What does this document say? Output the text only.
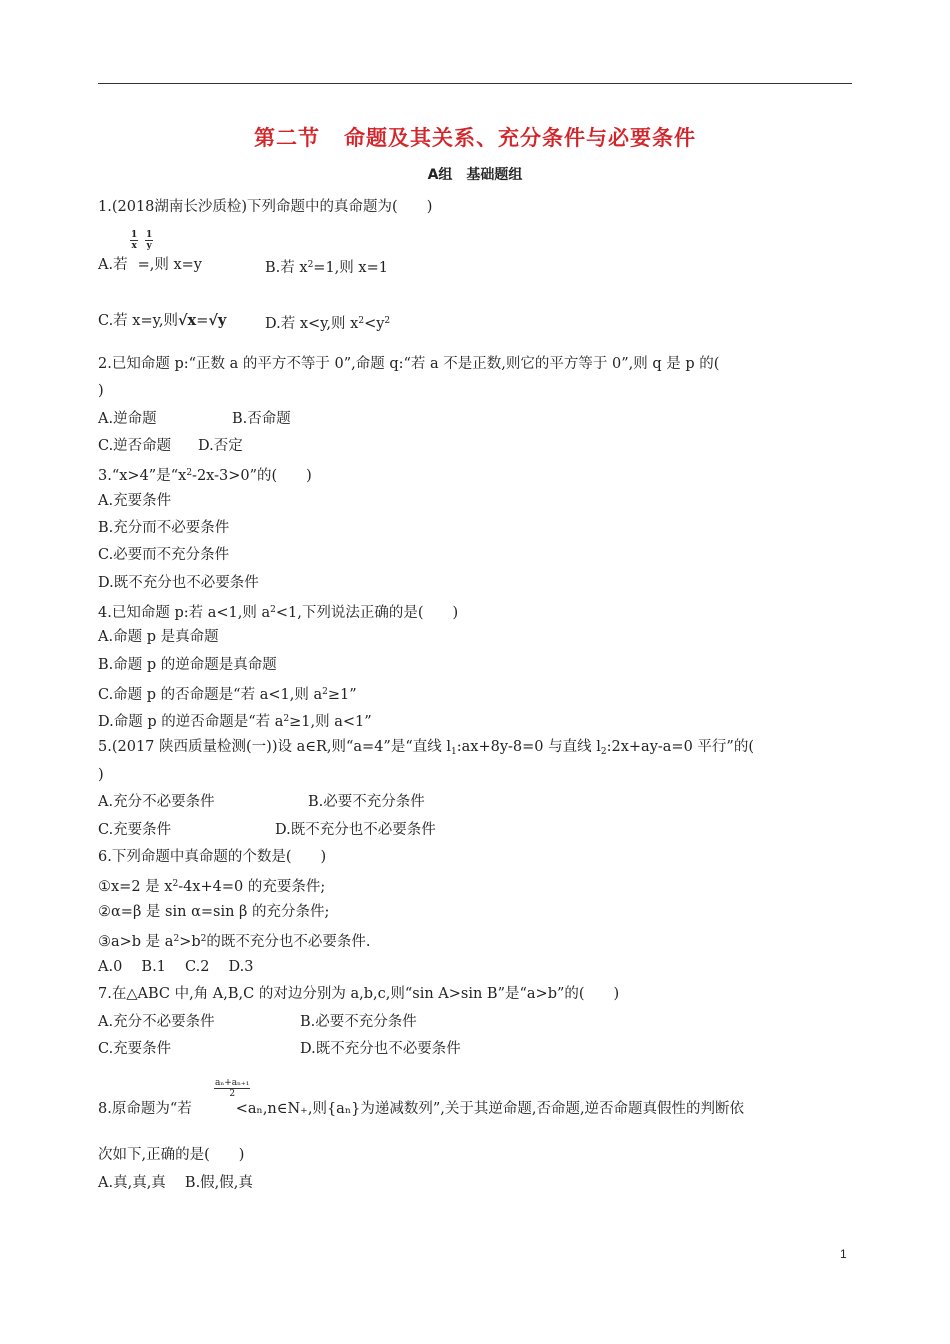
第二节 命题及其关系、充分条件与必要条件
A组 基础题组
1.(2018湖南长沙质检)下列命题中的真命题为(　　)
$\frac{1}{x} \frac{1}{y}$
A.若 =,则 x=y	B.若 $x^2=1$,则 x=1
C.若 x=y,则√x=√y	D.若 x<y,则 $x^2<y^2$
2.已知命题 p:“正数 a 的平方不等于 0”,命题 q:“若 a 不是正数,则它的平方等于 0”,则 q 是 p 的(
)
A.逆命题	B.否命题
C.逆否命题 D.否定
3.“x>4”是“$x^2-2x-3>0$”的(　　)
A.充要条件
B.充分而不必要条件
C.必要而不充分条件
D.既不充分也不必要条件
4.已知命题 p:若 a<1,则 $a^2<1$,下列说法正确的是(　　)
A.命题 p 是真命题
B.命题 p 的逆命题是真命题
C.命题 p 的否命题是“若 a<1,则 $a^2\ge 1$”
D.命题 p 的逆否命题是“若 $a^2\ge 1$,则 a<1”
5.(2017 陕西质量检测(一))设 a∈R,则“a=4”是“直线 $l_1:ax+8y-8=0$ 与直线 $l_2:2x+ay-a=0$ 平行”的(
)
A.充分不必要条件	B.必要不充分条件
C.充要条件	D.既不充分也不必要条件
6.下列命题中真命题的个数是(　　)
①x=2 是 $x^2-4x+4=0$ 的充要条件;
②α=β 是 sin α=sin β 的充分条件;
③a>b 是 $a^2>b^2$的既不充分也不必要条件.
A.0　 B.1　 C.2　 D.3
7.在△ABC 中,角 A,B,C 的对边分别为 a,b,c,则“sin A>sin B”是“a>b”的(　　)
A.充分不必要条件	B.必要不充分条件
C.充要条件	D.既不充分也不必要条件
$\frac{\text{aₙ+aₙ₊₁}}{2}$
8.原命题为“若	<aₙ,n∈N₊,则{aₙ}为递减数列”,关于其逆命题,否命题,逆否命题真假性的判断依
次如下,正确的是(　　)
A.真,真,真　 B.假,假,真
1
